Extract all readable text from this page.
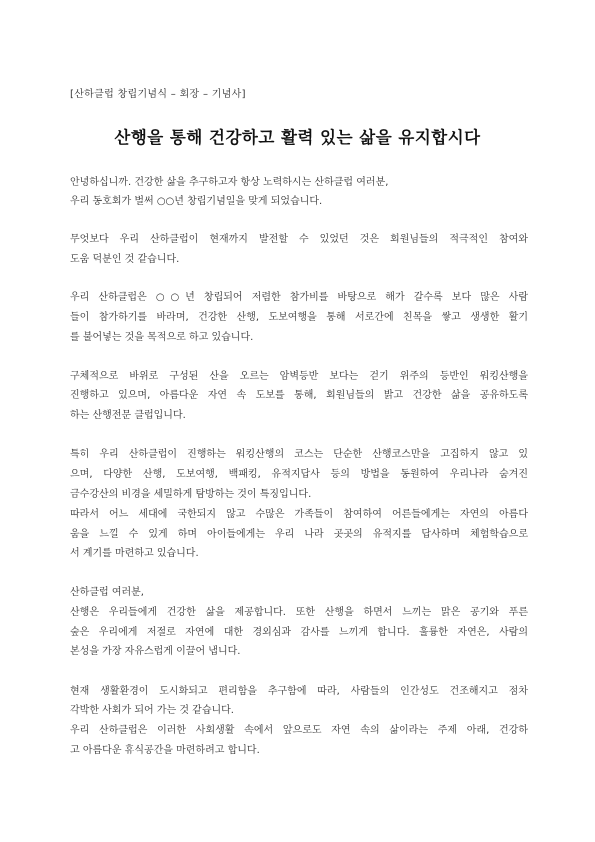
[산하클럽 창립기념식 – 회장 – 기념사]
산행을 통해 건강하고 활력 있는 삶을 유지합시다
안녕하십니까. 건강한 삶을 추구하고자 항상 노력하시는 산하클럽 여러분,
우리 동호회가 벌써 ○○년 창립기념일을 맞게 되었습니다.
무엇보다 우리 산하클럽이 현재까지 발전할 수 있었던 것은 회원님들의 적극적인 참여와
도움 덕분인 것 같습니다.
우리 산하클럽은 ○○년 창립되어 저렴한 참가비를 바탕으로 해가 갈수록 보다 많은 사람
들이 참가하기를 바라며, 건강한 산행, 도보여행을 통해 서로간에 친목을 쌓고 생생한 활기
를 불어넣는 것을 목적으로 하고 있습니다.
구체적으로 바위로 구성된 산을 오르는 암벽등반 보다는 걷기 위주의 등반인 워킹산행을
진행하고 있으며, 아름다운 자연 속 도보를 통해, 회원님들의 밝고 건강한 삶을 공유하도록
하는 산행전문 클럽입니다.
특히 우리 산하클럽이 진행하는 워킹산행의 코스는 단순한 산행코스만을 고집하지 않고 있
으며, 다양한 산행, 도보여행, 백패킹, 유적지답사 등의 방법을 동원하여 우리나라 숨겨진
금수강산의 비경을 세밀하게 탐방하는 것이 특징입니다.
따라서 어느 세대에 국한되지 않고 수많은 가족들이 참여하여 어른들에게는 자연의 아름다
움을 느낄 수 있게 하며 아이들에게는 우리 나라 곳곳의 유적지를 답사하며 체험학습으로
서 계기를 마련하고 있습니다.
산하클럽 여러분,
산행은 우리들에게 건강한 삶을 제공합니다. 또한 산행을 하면서 느끼는 맑은 공기와 푸른
숲은 우리에게 저절로 자연에 대한 경외심과 감사를 느끼게 합니다. 훌륭한 자연은, 사람의
본성을 가장 자유스럽게 이끌어 냅니다.
현재 생활환경이 도시화되고 편리함을 추구함에 따라, 사람들의 인간성도 건조해지고 점차
각박한 사회가 되어 가는 것 같습니다.
우리 산하클럽은 이러한 사회생활 속에서 앞으로도 자연 속의 삶이라는 주제 아래, 건강하
고 아름다운 휴식공간을 마련하려고 합니다.
